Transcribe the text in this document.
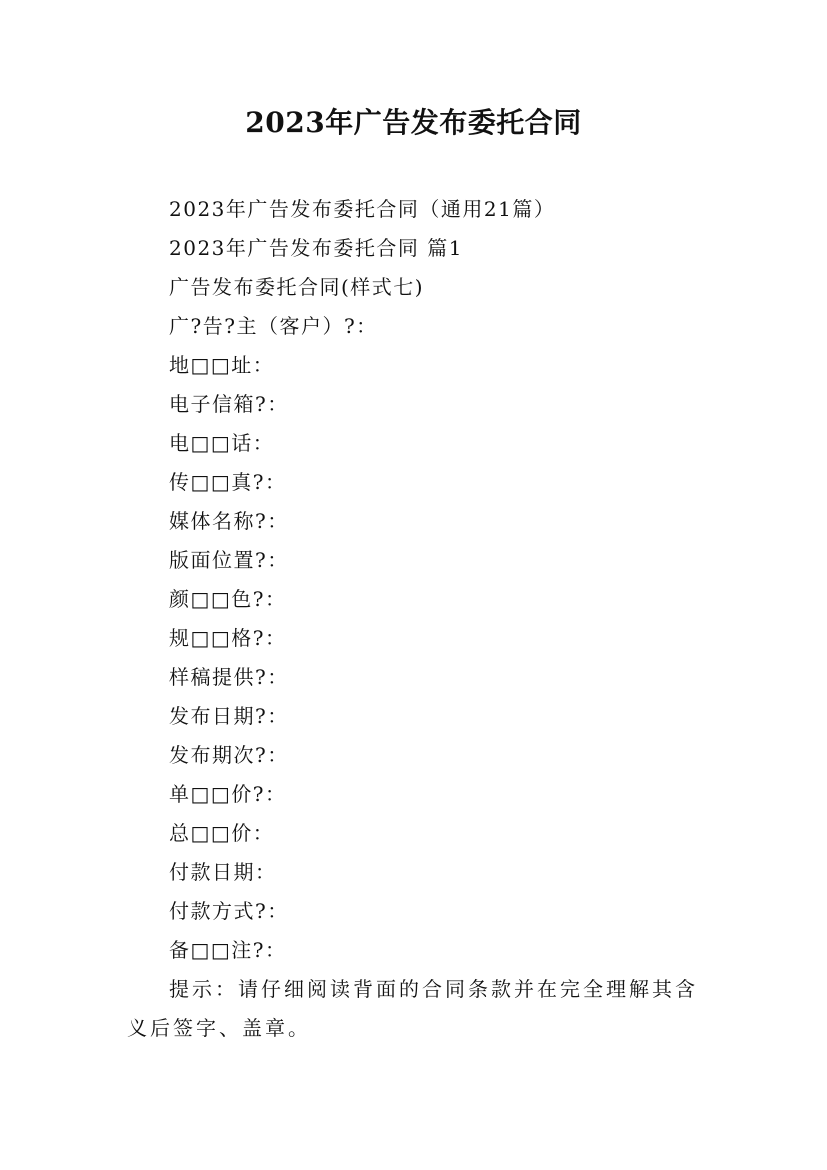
2023年广告发布委托合同
2023年广告发布委托合同（通用21篇）
2023年广告发布委托合同 篇1
广告发布委托合同(样式七)
广?告?主（客户）?：
地□□址：
电子信箱?：
电□□话：
传□□真?：
媒体名称?：
版面位置?：
颜□□色?：
规□□格?：
样稿提供?：
发布日期?：
发布期次?：
单□□价?：
总□□价：
付款日期：
付款方式?：
备□□注?：
提示：请仔细阅读背面的合同条款并在完全理解其含义后签字、盖章。
